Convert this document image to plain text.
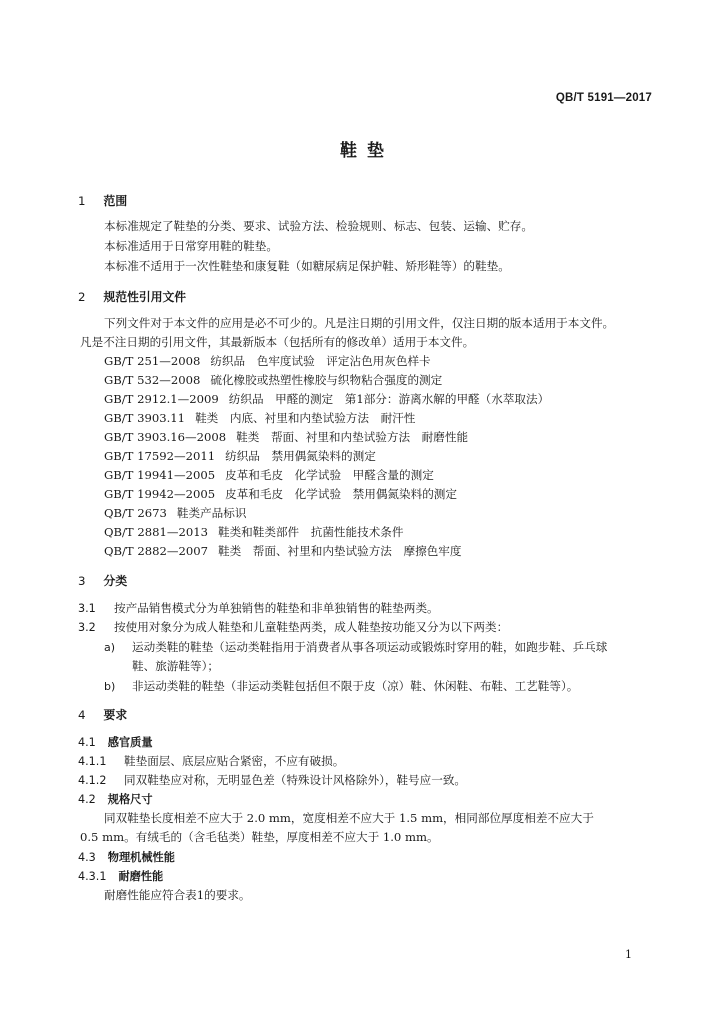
QB/T 5191—2017
鞋垫
1 范围
本标准规定了鞋垫的分类、要求、试验方法、检验规则、标志、包装、运输、贮存。
本标准适用于日常穿用鞋的鞋垫。
本标准不适用于一次性鞋垫和康复鞋（如糖尿病足保护鞋、矫形鞋等）的鞋垫。
2 规范性引用文件
下列文件对于本文件的应用是必不可少的。凡是注日期的引用文件，仅注日期的版本适用于本文件。
凡是不注日期的引用文件，其最新版本（包括所有的修改单）适用于本文件。
GB/T 251—2008 纺织品　色牢度试验　评定沾色用灰色样卡
GB/T 532—2008 硫化橡胶或热塑性橡胶与织物粘合强度的测定
GB/T 2912.1—2009 纺织品　甲醛的测定　第1部分：游离水解的甲醛（水萃取法）
GB/T 3903.11 鞋类　内底、衬里和内垫试验方法　耐汗性
GB/T 3903.16—2008 鞋类　帮面、衬里和内垫试验方法　耐磨性能
GB/T 17592—2011 纺织品　禁用偶氮染料的测定
GB/T 19941—2005 皮革和毛皮　化学试验　甲醛含量的测定
GB/T 19942—2005 皮革和毛皮　化学试验　禁用偶氮染料的测定
QB/T 2673 鞋类产品标识
QB/T 2881—2013 鞋类和鞋类部件　抗菌性能技术条件
QB/T 2882—2007 鞋类　帮面、衬里和内垫试验方法　摩擦色牢度
3 分类
3.1 按产品销售模式分为单独销售的鞋垫和非单独销售的鞋垫两类。
3.2 按使用对象分为成人鞋垫和儿童鞋垫两类，成人鞋垫按功能又分为以下两类：
a) 运动类鞋的鞋垫（运动类鞋指用于消费者从事各项运动或锻炼时穿用的鞋，如跑步鞋、乒乓球
鞋、旅游鞋等）；
b) 非运动类鞋的鞋垫（非运动类鞋包括但不限于皮（凉）鞋、休闲鞋、布鞋、工艺鞋等）。
4 要求
4.1 感官质量
4.1.1 鞋垫面层、底层应贴合紧密，不应有破损。
4.1.2 同双鞋垫应对称，无明显色差（特殊设计风格除外），鞋号应一致。
4.2 规格尺寸
同双鞋垫长度相差不应大于 2.0 mm，宽度相差不应大于 1.5 mm，相同部位厚度相差不应大于
0.5 mm。有绒毛的（含毛毡类）鞋垫，厚度相差不应大于 1.0 mm。
4.3 物理机械性能
4.3.1 耐磨性能
耐磨性能应符合表1的要求。
1
